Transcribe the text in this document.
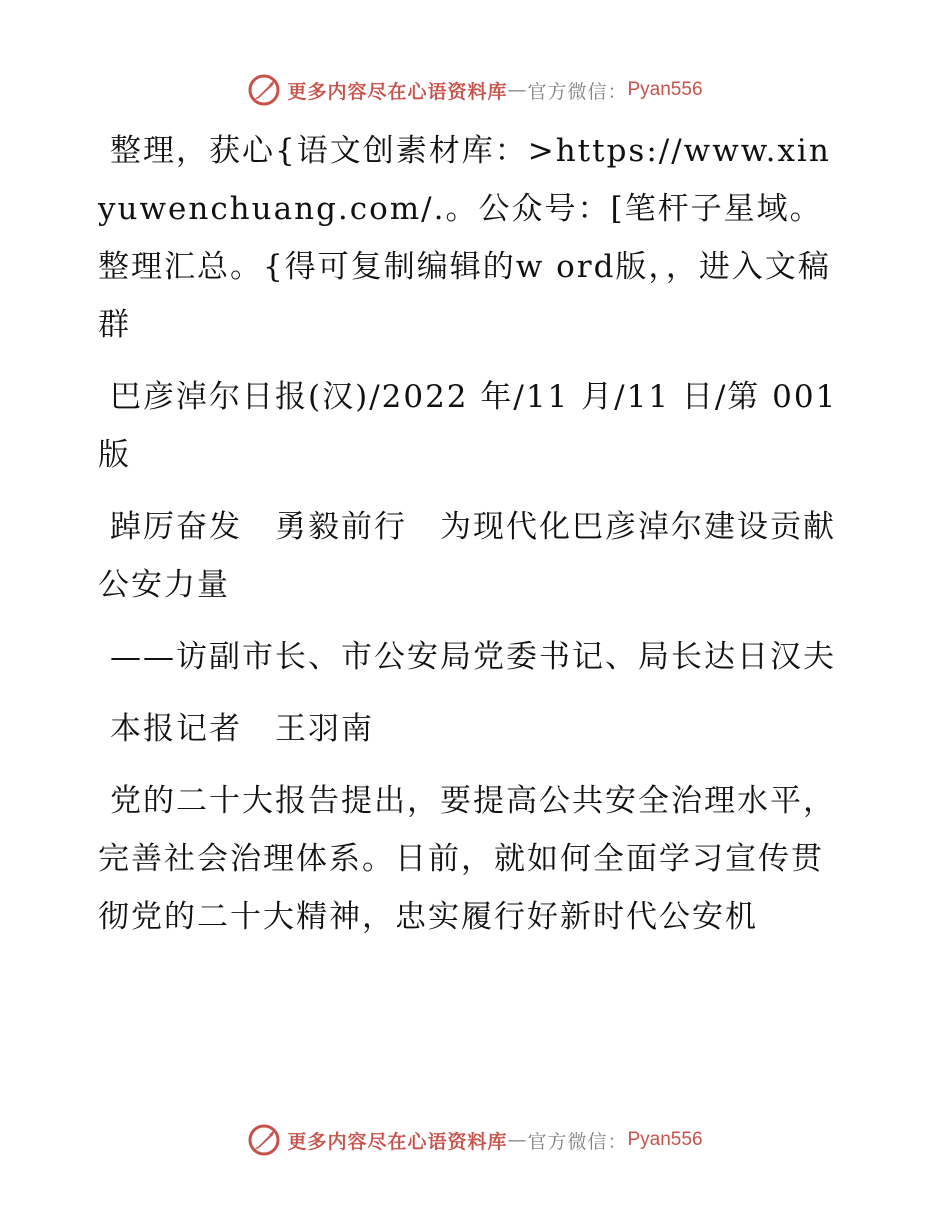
更多内容尽在心语资料库 — 官方微信： Pyan556

整理，获心{语文创素材库：>https://www.xinyuwenchuang.com/.。公众号：[笔杆子星域。整理汇总。{得可复制编辑的w ord版，，进入文稿群

巴彦淖尔日报(汉)/2022 年/11 月/11 日/第 001 版

踔厉奋发　勇毅前行　为现代化巴彦淖尔建设贡献公安力量

——访副市长、市公安局党委书记、局长达日汉夫

本报记者　王羽南

党的二十大报告提出，要提高公共安全治理水平，完善社会治理体系。日前，就如何全面学习宣传贯彻党的二十大精神，忠实履行好新时代公安机

更多内容尽在心语资料库 — 官方微信： Pyan556
